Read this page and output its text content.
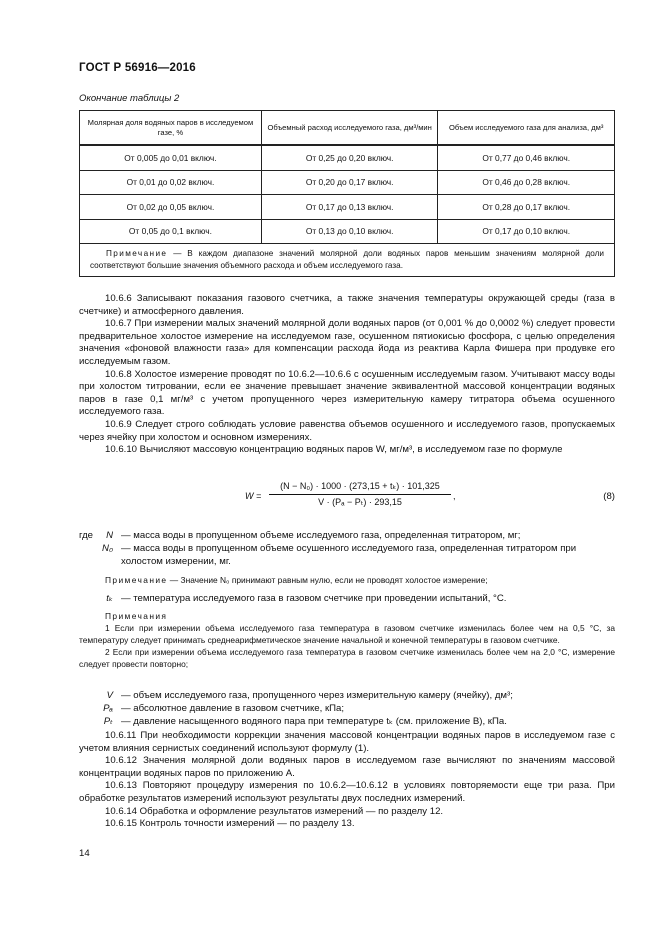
ГОСТ Р 56916—2016
Окончание таблицы 2
Молярная доля водяных паров в исследуемом газе, %	Объемный расход исследуемого газа, дм³/мин	Объем исследуемого газа для анализа, дм³
От 0,005 до 0,01 включ.	От 0,25 до 0,20 включ.	От 0,77 до 0,46 включ.
От 0,01 до 0,02 включ.	От 0,20 до 0,17 включ.	От 0,46 до 0,28 включ.
От 0,02 до 0,05 включ.	От 0,17 до 0,13 включ.	От 0,28 до 0,17 включ.
От 0,05 до 0,1 включ.	От 0,13 до 0,10 включ.	От 0,17 до 0,10 включ.
Примечание — В каждом диапазоне значений молярной доли водяных паров меньшим значениям молярной доли соответствуют большие значения объемного расхода и объем исследуемого газа.		

10.6.6 Записывают показания газового счетчика, а также значения температуры окружающей среды (газа в счетчике) и атмосферного давления.

10.6.7 При измерении малых значений молярной доли водяных паров (от 0,001 % до 0,0002 %) следует провести предварительное холостое измерение на исследуемом газе, осушенном пятиокисью фосфора, с целью определения значения «фоновой влажности газа» для компенсации расхода йода из реактива Карла Фишера при продувке его исследуемым газом.

10.6.8 Холостое измерение проводят по 10.6.2—10.6.6 с осушенным исследуемым газом. Учитывают массу воды при холостом титровании, если ее значение превышает значение эквивалентной массовой концентрации водяных паров в газе 0,1 мг/м³ с учетом пропущенного через измерительную камеру титратора объема осушенного исследуемого газа.

10.6.9 Следует строго соблюдать условие равенства объемов осушенного и исследуемого газов, пропускаемых через ячейку при холостом и основном измерениях.

10.6.10 Вычисляют массовую концентрацию водяных паров W, мг/м³, в исследуемом газе по формуле

$W = \frac{\text{(N − N₀) · 1000 · (273,15 + tₖ) · 101,325}}{\text{V · (Pₐ − Pₜ) · 293,15}}$ ,	(8)
где	N — масса воды в пропущенном объеме исследуемого газа, определенная титратором, мг;
N₀ — масса воды в пропущенном объеме осушенного исследуемого газа, определенная титратором при холостом измерении, мг.
Примечание — Значение N₀ принимают равным нулю, если не проводят холостое измерение;
tₖ — температура исследуемого газа в газовом счетчике при проведении испытаний, °С.

Примечания

1 Если при измерении объема исследуемого газа температура в газовом счетчике изменилась более чем на 0,5 °С, за температуру следует принимать среднеарифметическое значение начальной и конечной температуры в газовом счетчике.

2 Если при измерении объема исследуемого газа температура в газовом счетчике изменилась более чем на 2,0 °С, измерение следует провести повторно;

V — объем исследуемого газа, пропущенного через измерительную камеру (ячейку), дм³;
Pₐ — абсолютное давление в газовом счетчике, кПа;
Pₜ — давление насыщенного водяного пара при температуре tₖ (см. приложение В), кПа.

10.6.11 При необходимости коррекции значения массовой концентрации водяных паров в исследуемом газе с учетом влияния сернистых соединений используют формулу (1).

10.6.12 Значения молярной доли водяных паров в исследуемом газе вычисляют по значениям массовой концентрации водяных паров по приложению А.

10.6.13 Повторяют процедуру измерения по 10.6.2—10.6.12 в условиях повторяемости еще три раза. При обработке результатов измерений используют результаты двух последних измерений.

10.6.14 Обработка и оформление результатов измерений — по разделу 12.

10.6.15 Контроль точности измерений — по разделу 13.

14
